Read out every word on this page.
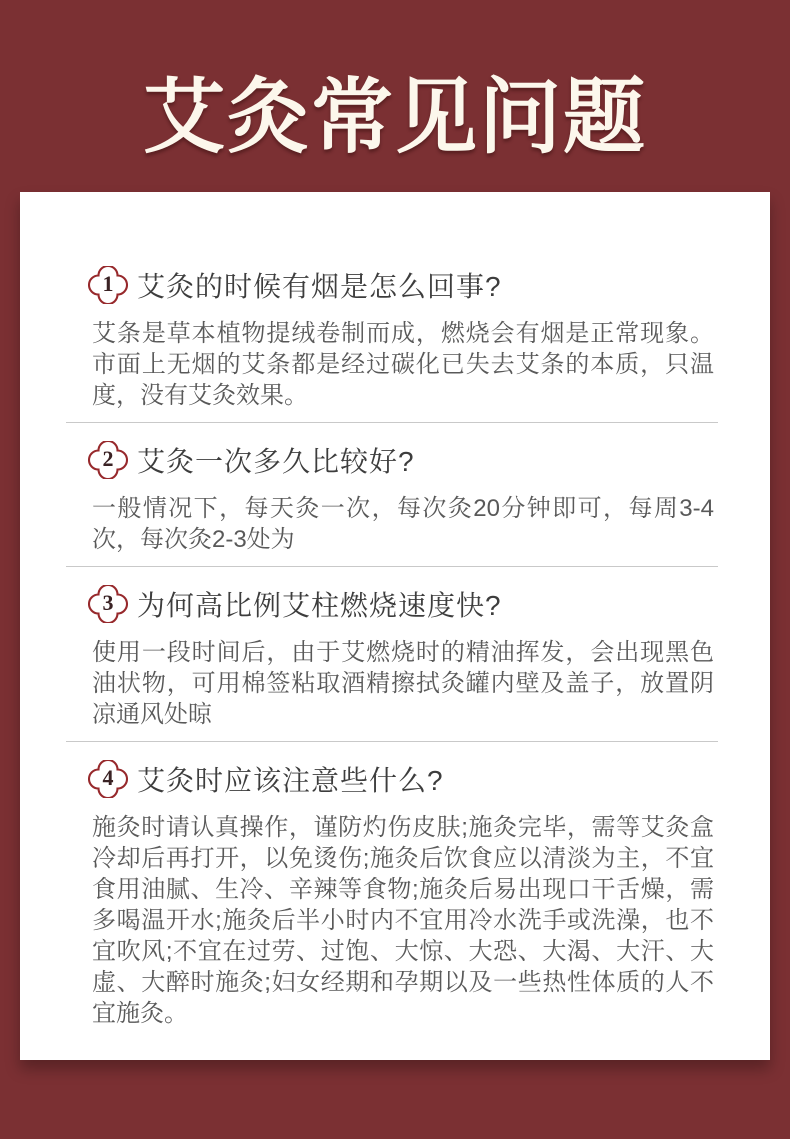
艾灸常见问题
1 艾灸的时候有烟是怎么回事?

艾条是草本植物提绒卷制而成，燃烧会有烟是正常现象。市面上无烟的艾条都是经过碳化已失去艾条的本质，只温度，没有艾灸效果。

2 艾灸一次多久比较好?

一般情况下，每天灸一次，每次灸20分钟即可，每周3-4次，每次灸2-3处为

3 为何高比例艾柱燃烧速度快?

使用一段时间后，由于艾燃烧时的精油挥发，会出现黑色油状物，可用棉签粘取酒精擦拭灸罐内壁及盖子，放置阴凉通风处晾

4 艾灸时应该注意些什么?

施灸时请认真操作，谨防灼伤皮肤;施灸完毕，需等艾灸盒冷却后再打开，以免烫伤;施灸后饮食应以清淡为主，不宜食用油腻、生冷、辛辣等食物;施灸后易出现口干舌燥，需多喝温开水;施灸后半小时内不宜用冷水洗手或洗澡，也不宜吹风;不宜在过劳、过饱、大惊、大恐、大渴、大汗、大虚、大醉时施灸;妇女经期和孕期以及一些热性体质的人不宜施灸。
